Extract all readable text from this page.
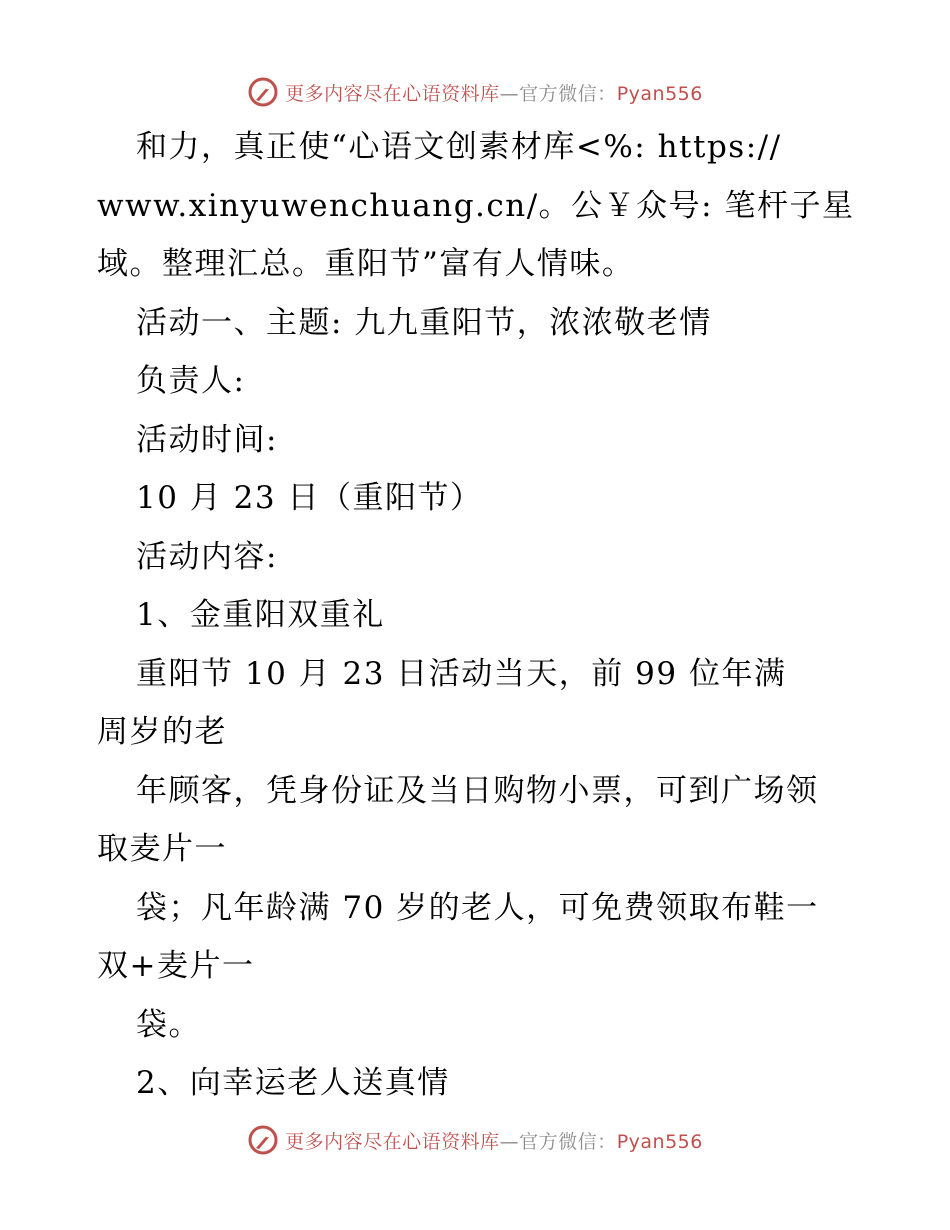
更多内容尽在心语资料库—官方微信：Pyan556
和力，真正使“心语文创素材库<%: https://
www.xinyuwenchuang.cn/。公￥众号: 笔杆子星
域。整理汇总。重阳节”富有人情味。
活动一、主题: 九九重阳节，浓浓敬老情
负责人:
活动时间:
10 月 23 日（重阳节）
活动内容:
1、金重阳双重礼
重阳节 10 月 23 日活动当天，前 99 位年满
周岁的老
年顾客，凭身份证及当日购物小票，可到广场领
取麦片一
袋；凡年龄满 70 岁的老人，可免费领取布鞋一
双+麦片一
袋。
2、向幸运老人送真情
更多内容尽在心语资料库—官方微信：Pyan556
